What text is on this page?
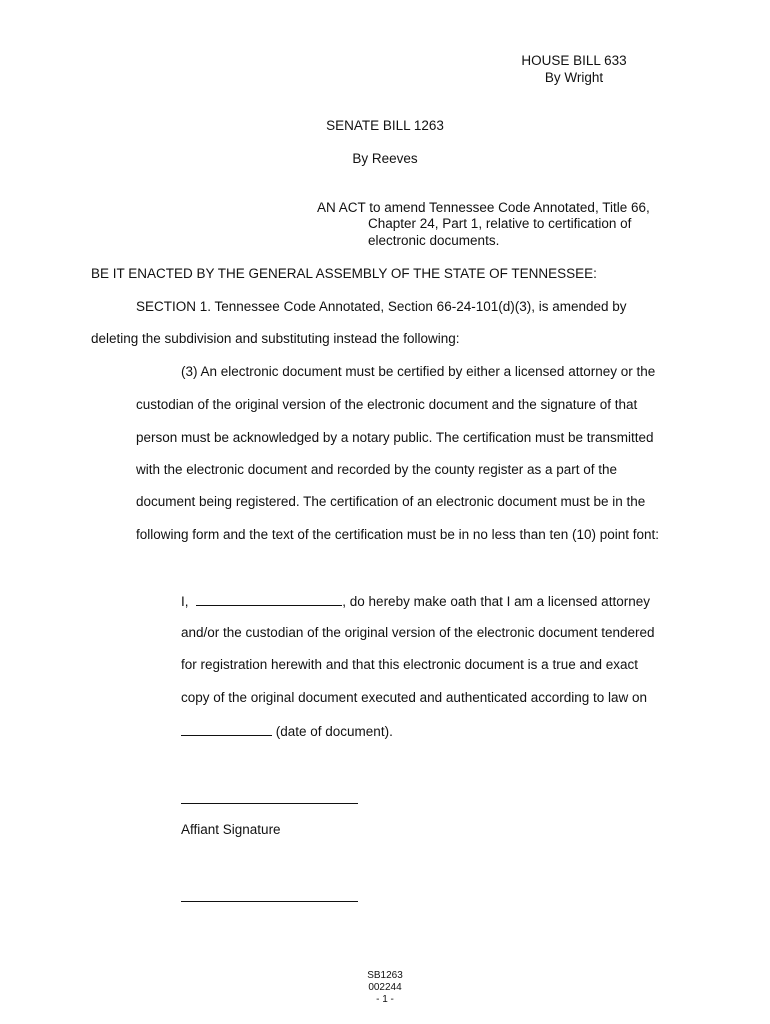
HOUSE BILL 633
By Wright
SENATE BILL 1263
By Reeves
AN ACT to amend Tennessee Code Annotated, Title 66,
Chapter 24, Part 1, relative to certification of
electronic documents.
BE IT ENACTED BY THE GENERAL ASSEMBLY OF THE STATE OF TENNESSEE:
SECTION 1. Tennessee Code Annotated, Section 66-24-101(d)(3), is amended by
deleting the subdivision and substituting instead the following:
(3) An electronic document must be certified by either a licensed attorney or the
custodian of the original version of the electronic document and the signature of that
person must be acknowledged by a notary public. The certification must be transmitted
with the electronic document and recorded by the county register as a part of the
document being registered. The certification of an electronic document must be in the
following form and the text of the certification must be in no less than ten (10) point font:
I,	, do hereby make oath that I am a licensed attorney
and/or the custodian of the original version of the electronic document tendered
for registration herewith and that this electronic document is a true and exact
copy of the original document executed and authenticated according to law on
(date of document).
Affiant Signature
SB1263
002244
- 1 -
